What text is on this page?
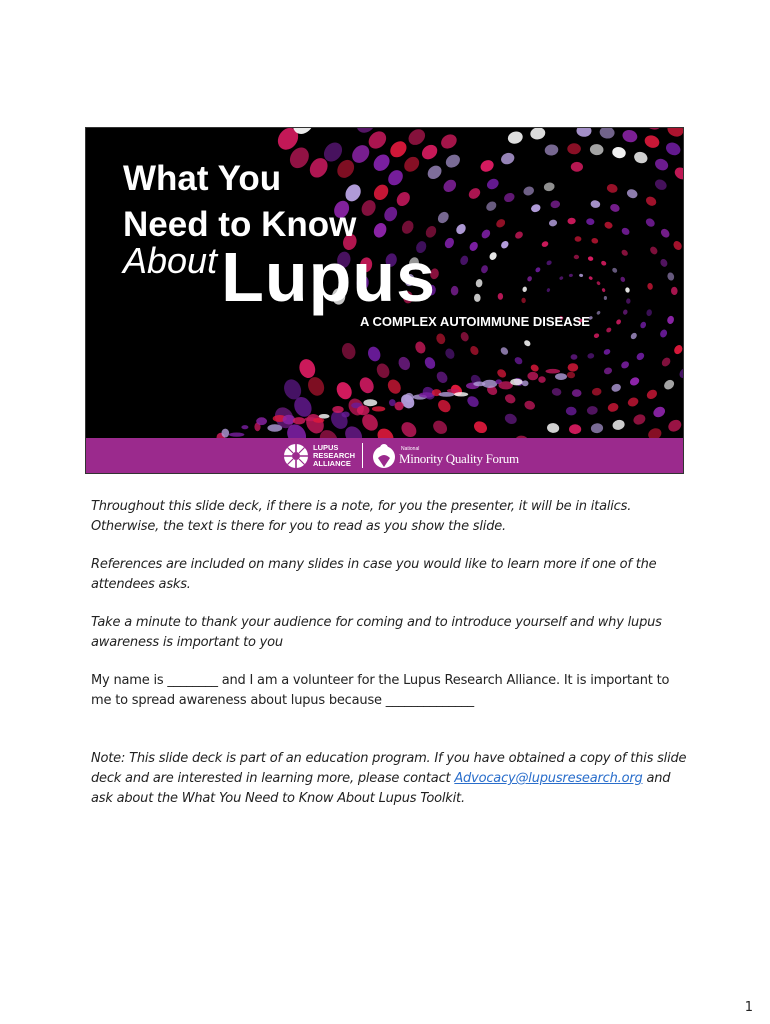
What You
Need to Know
AboutLupus
A COMPLEX AUTOIMMUNE DISEASE
LUPUS
RESEARCH
ALLIANCE
National
Minority Quality Forum

Throughout this slide deck, if there is a note, for you the presenter, it will be in italics. Otherwise, the text is there for you to read as you show the slide.

References are included on many slides in case you would like to learn more if one of the attendees asks.

Take a minute to thank your audience for coming and to introduce yourself and why lupus awareness is important to you

My name is ________ and I am a volunteer for the Lupus Research Alliance. It is important to me to spread awareness about lupus because ______________

Note: This slide deck is part of an education program. If you have obtained a copy of this slide deck and are interested in learning more, please contact Advocacy@lupusresearch.org and ask about the What You Need to Know About Lupus Toolkit.

1
